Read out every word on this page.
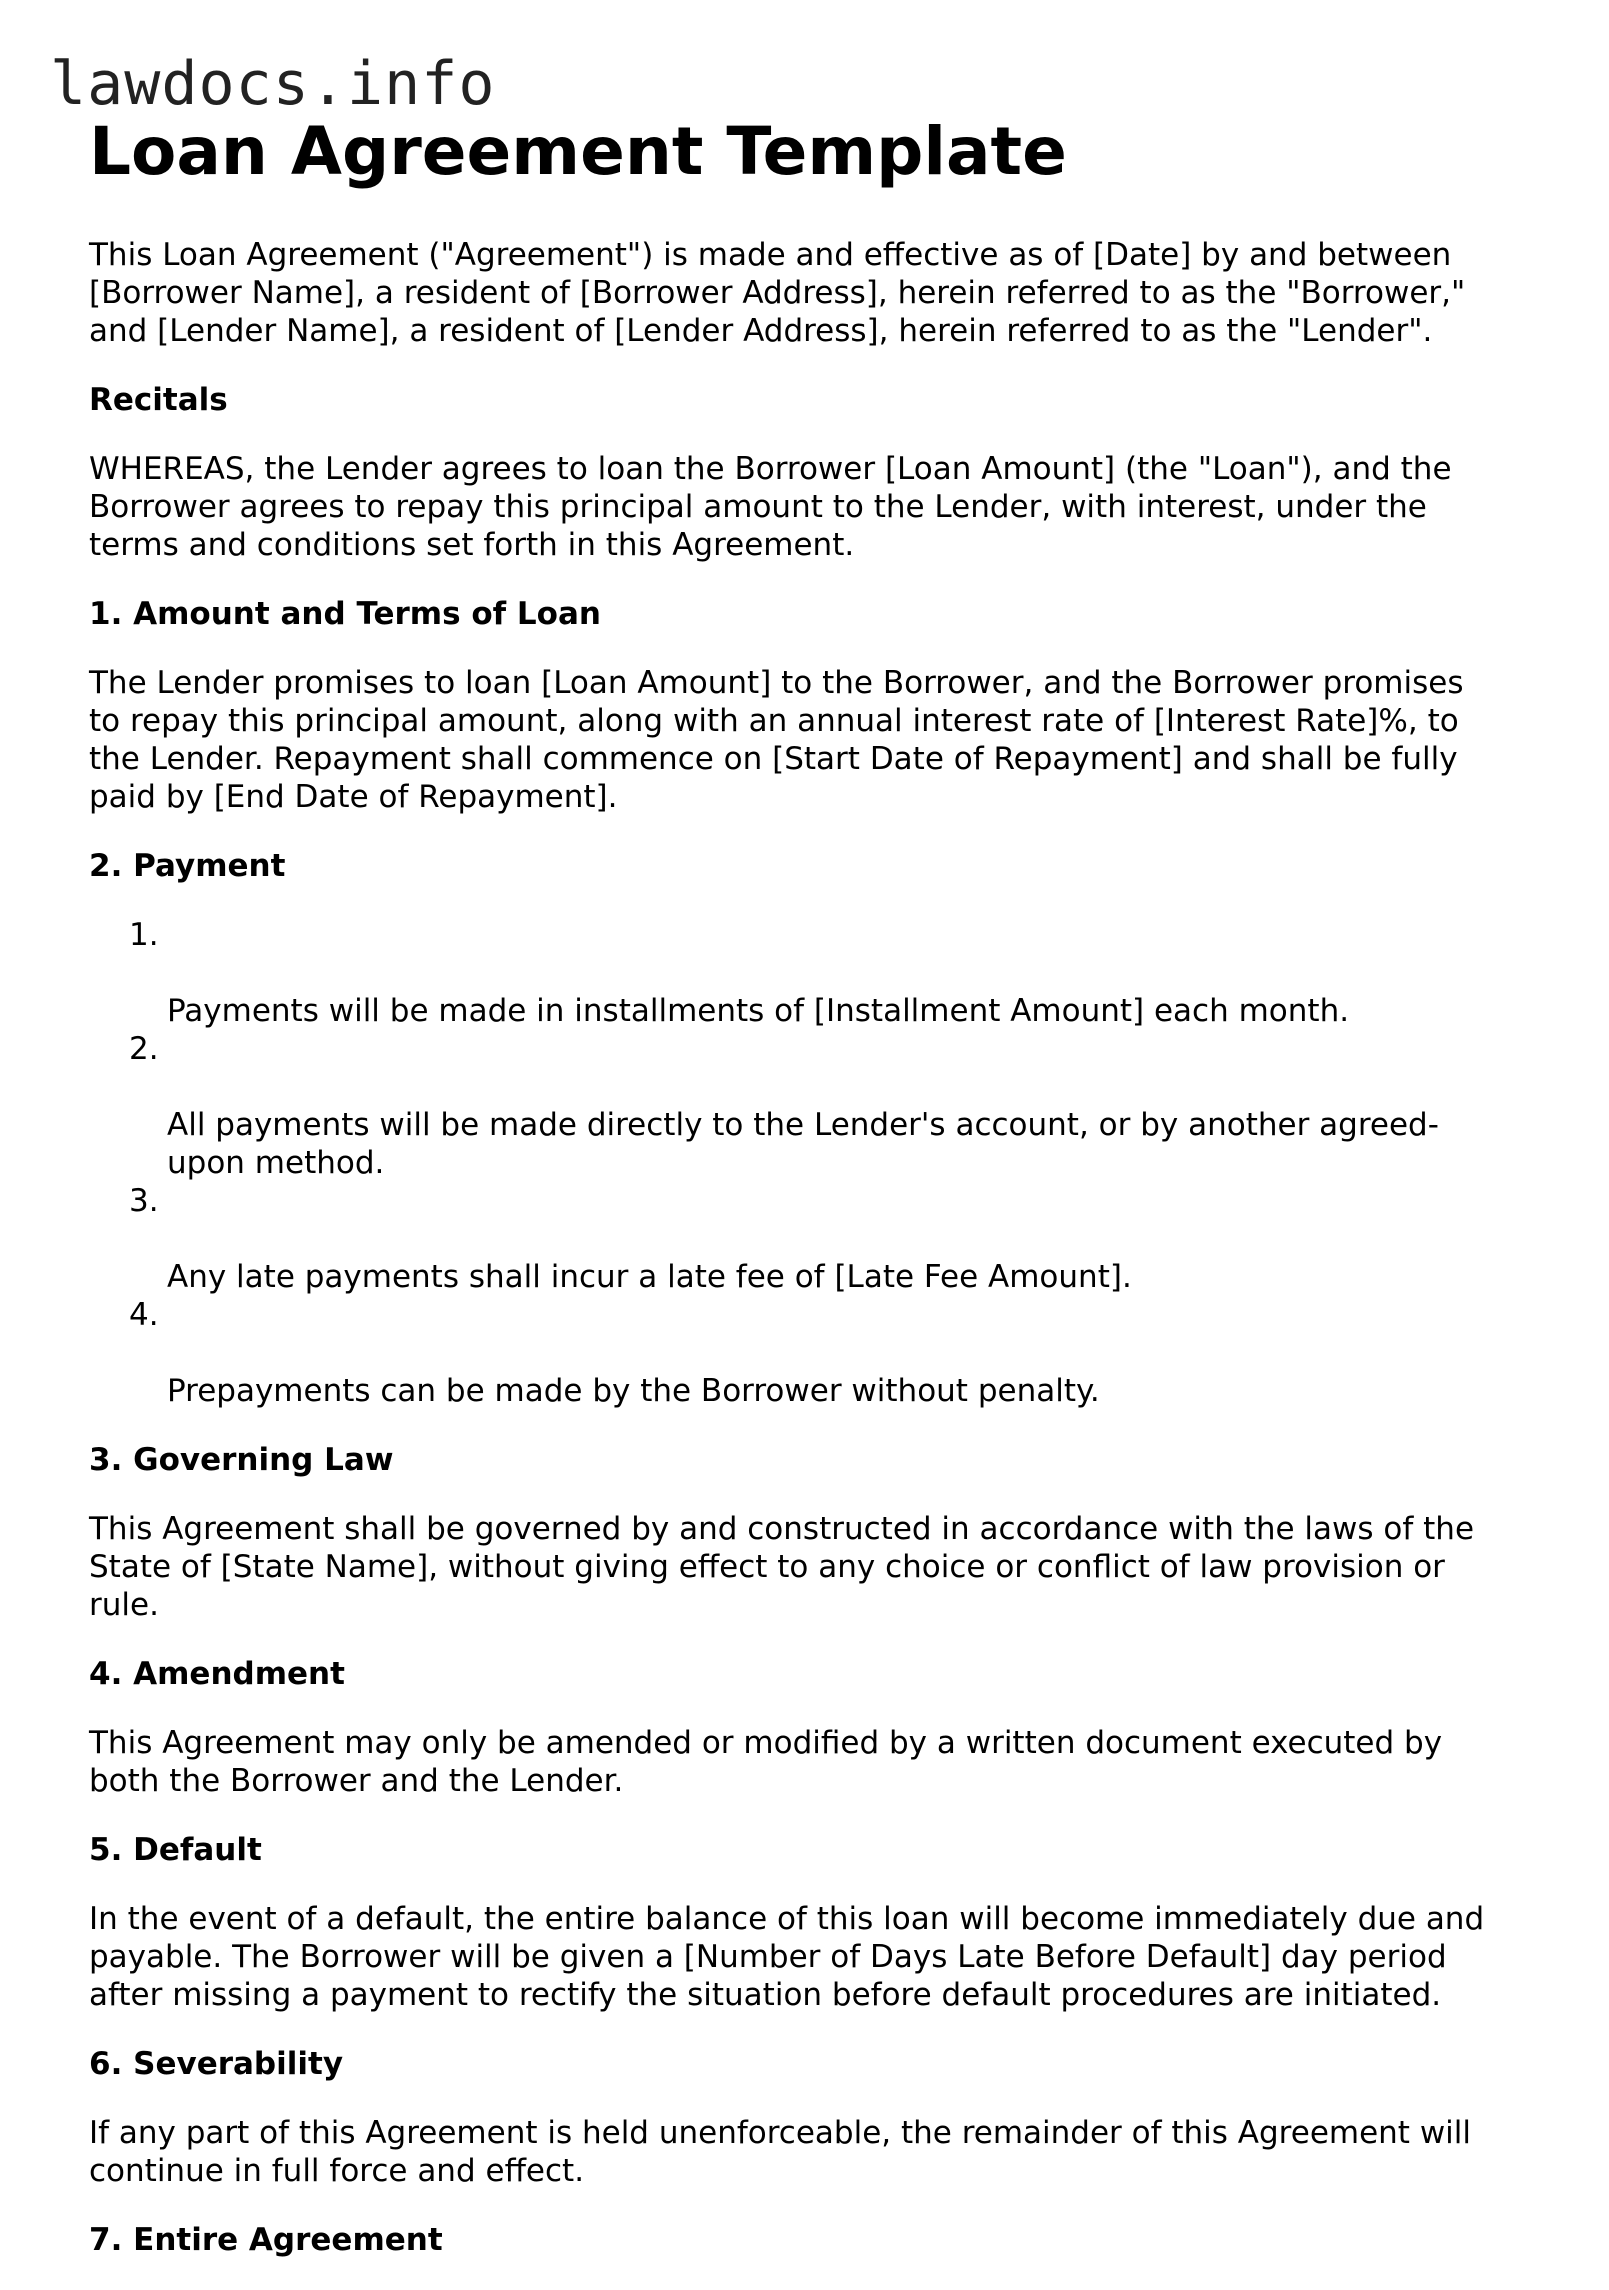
lawdocs.info
Loan Agreement Template

This Loan Agreement ("Agreement") is made and effective as of [Date] by and between
[Borrower Name], a resident of [Borrower Address], herein referred to as the "Borrower,"
and [Lender Name], a resident of [Lender Address], herein referred to as the "Lender".

Recitals

WHEREAS, the Lender agrees to loan the Borrower [Loan Amount] (the "Loan"), and the
Borrower agrees to repay this principal amount to the Lender, with interest, under the
terms and conditions set forth in this Agreement.

1. Amount and Terms of Loan

The Lender promises to loan [Loan Amount] to the Borrower, and the Borrower promises
to repay this principal amount, along with an annual interest rate of [Interest Rate]%, to
the Lender. Repayment shall commence on [Start Date of Repayment] and shall be fully
paid by [End Date of Repayment].

2. Payment

1.

Payments will be made in installments of [Installment Amount] each month.

2.

All payments will be made directly to the Lender's account, or by another agreed-
upon method.

3.

Any late payments shall incur a late fee of [Late Fee Amount].

4.

Prepayments can be made by the Borrower without penalty.

3. Governing Law

This Agreement shall be governed by and constructed in accordance with the laws of the
State of [State Name], without giving effect to any choice or conflict of law provision or
rule.

4. Amendment

This Agreement may only be amended or modified by a written document executed by
both the Borrower and the Lender.

5. Default

In the event of a default, the entire balance of this loan will become immediately due and
payable. The Borrower will be given a [Number of Days Late Before Default] day period
after missing a payment to rectify the situation before default procedures are initiated.

6. Severability

If any part of this Agreement is held unenforceable, the remainder of this Agreement will
continue in full force and effect.

7. Entire Agreement
